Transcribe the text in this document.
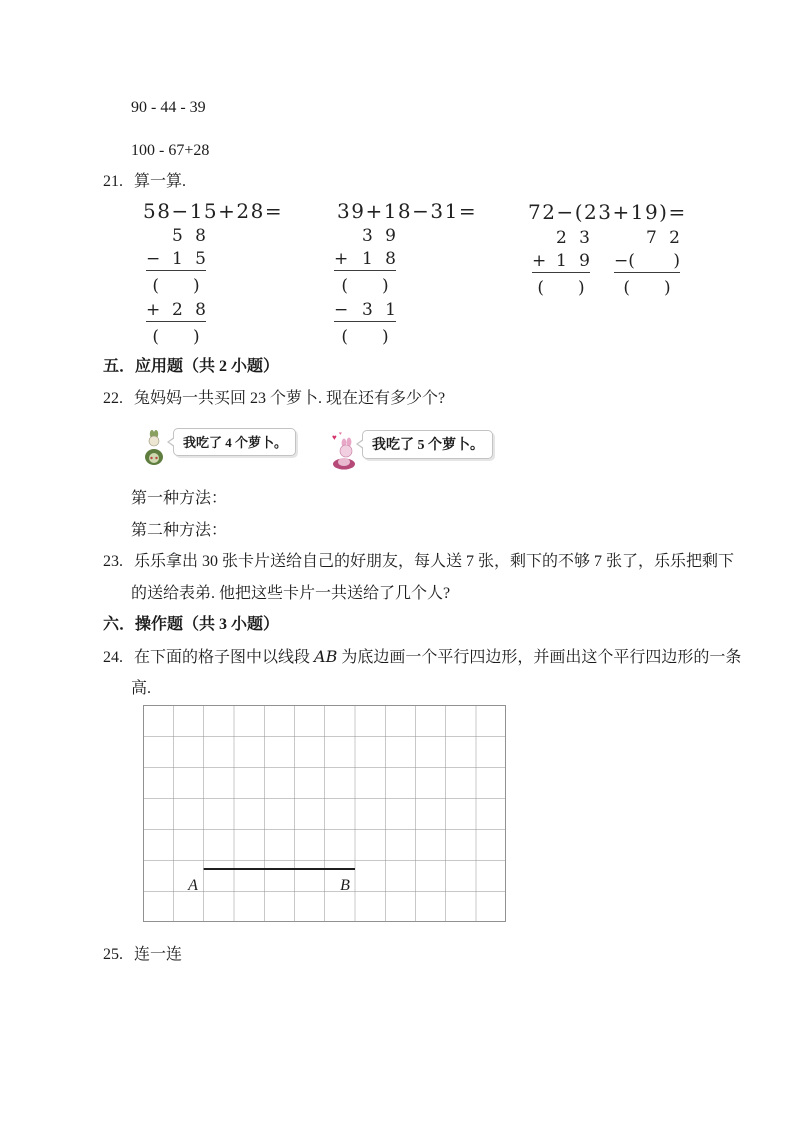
90 - 44 - 39
100 - 67+28
21. 算一算.
58−15+28=
5 8
− 1 5
(　　)
+ 2 8
(　　)
39+18−31=
3 9
+ 1 8
(　　)
− 3 1
(　　)
72−(23+19)=
2 3
+ 1 9
(　　)
7 2
−( )
(　　)
五．应用题（共 2 小题）
22. 兔妈妈一共买回 23 个萝卜. 现在还有多少个?
我吃了 4 个萝卜。	♥ ♥
我吃了 5 个萝卜。
第一种方法：
第二种方法：
23. 乐乐拿出 30 张卡片送给自己的好朋友，每人送 7 张，剩下的不够 7 张了，乐乐把剩下
的送给表弟. 他把这些卡片一共送给了几个人?
六．操作题（共 3 小题）
24. 在下面的格子图中以线段 AB 为底边画一个平行四边形，并画出这个平行四边形的一条
高.
A	B
25. 连一连
